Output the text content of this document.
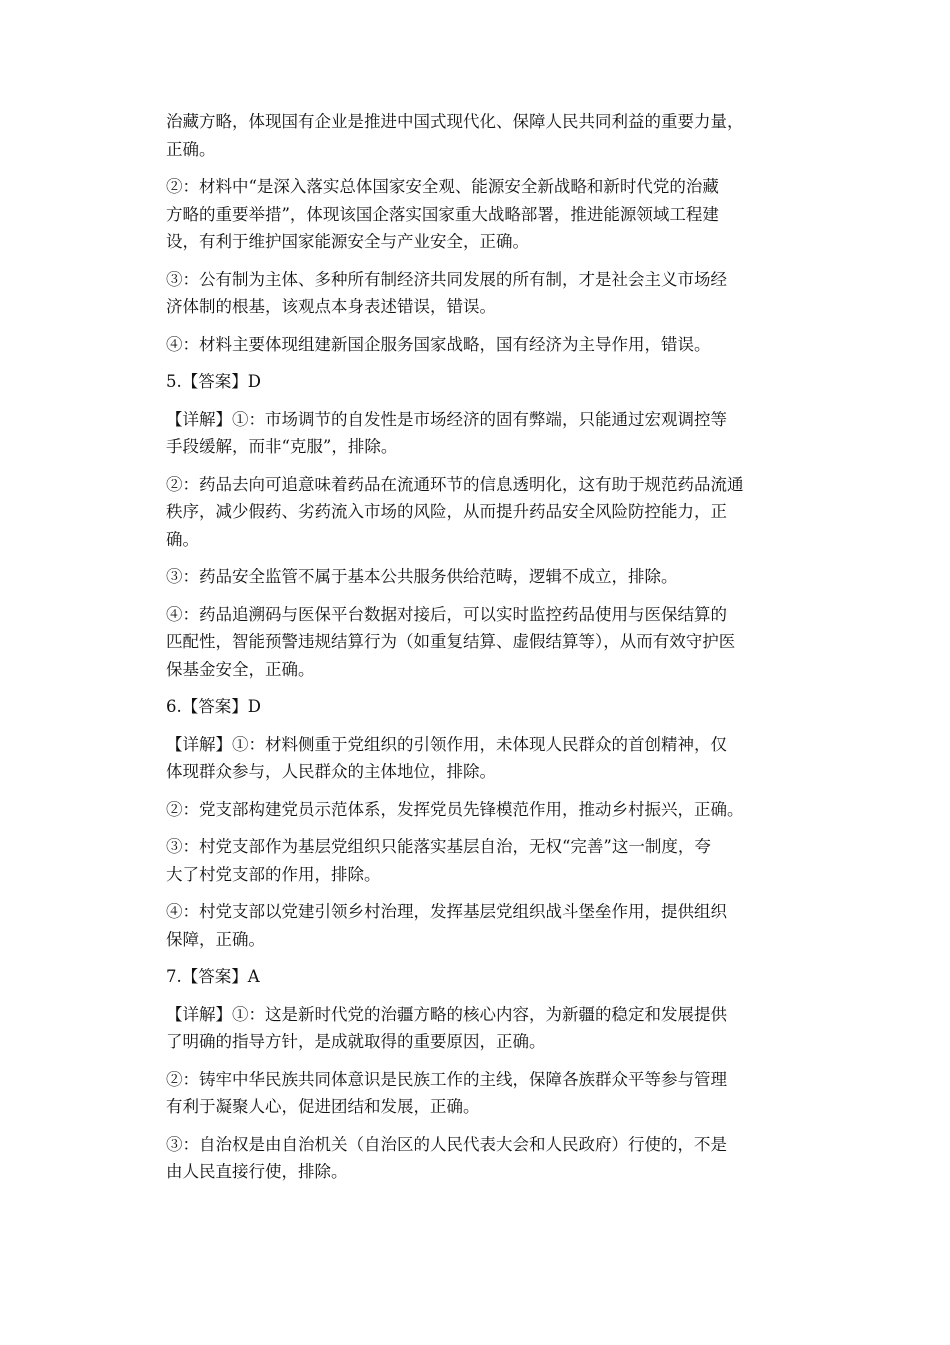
治藏方略，体现国有企业是推进中国式现代化、保障人民共同利益的重要力量，
正确。

②：材料中“是深入落实总体国家安全观、能源安全新战略和新时代党的治藏
方略的重要举措”，体现该国企落实国家重大战略部署，推进能源领域工程建
设，有利于维护国家能源安全与产业安全，正确。

③：公有制为主体、多种所有制经济共同发展的所有制，才是社会主义市场经
济体制的根基，该观点本身表述错误，错误。

④：材料主要体现组建新国企服务国家战略，国有经济为主导作用，错误。

5.【答案】D

【详解】①：市场调节的自发性是市场经济的固有弊端，只能通过宏观调控等
手段缓解，而非“克服”，排除。

②：药品去向可追意味着药品在流通环节的信息透明化，这有助于规范药品流通
秩序，减少假药、劣药流入市场的风险，从而提升药品安全风险防控能力，正
确。

③：药品安全监管不属于基本公共服务供给范畴，逻辑不成立，排除。

④：药品追溯码与医保平台数据对接后，可以实时监控药品使用与医保结算的
匹配性，智能预警违规结算行为（如重复结算、虚假结算等），从而有效守护医
保基金安全，正确。

6.【答案】D

【详解】①：材料侧重于党组织的引领作用，未体现人民群众的首创精神，仅
体现群众参与，人民群众的主体地位，排除。

②：党支部构建党员示范体系，发挥党员先锋模范作用，推动乡村振兴，正确。

③：村党支部作为基层党组织只能落实基层自治，无权“完善”这一制度，夸
大了村党支部的作用，排除。

④：村党支部以党建引领乡村治理，发挥基层党组织战斗堡垒作用，提供组织
保障，正确。

7.【答案】A

【详解】①：这是新时代党的治疆方略的核心内容，为新疆的稳定和发展提供
了明确的指导方针，是成就取得的重要原因，正确。

②：铸牢中华民族共同体意识是民族工作的主线，保障各族群众平等参与管理
有利于凝聚人心，促进团结和发展，正确。

③：自治权是由自治机关（自治区的人民代表大会和人民政府）行使的，不是
由人民直接行使，排除。
